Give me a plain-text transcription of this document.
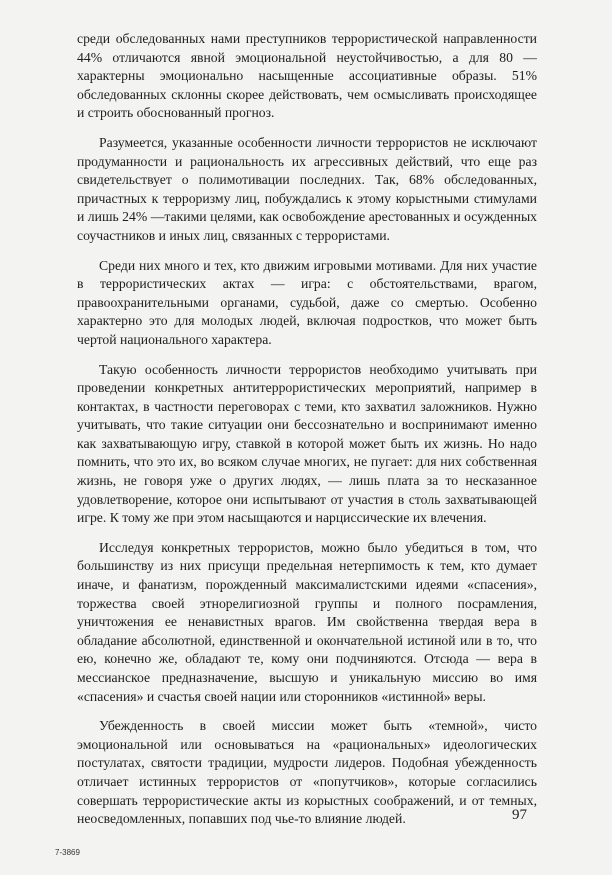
среди обследованных нами преступников террористической направленности 44% отличаются явной эмоциональной неустойчивостью, а для 80 — характерны эмоционально насыщенные ассоциативные образы. 51% обследованных склонны скорее действовать, чем осмысливать происходящее и строить обоснованный прогноз.

Разумеется, указанные особенности личности террористов не исключают продуманности и рациональность их агрессивных действий, что еще раз свидетельствует о полимотивации последних. Так, 68% обследованных, причастных к терроризму лиц, побуждались к этому корыстными стимулами и лишь 24% —такими целями, как освобождение арестованных и осужденных соучастников и иных лиц, связанных с террористами.

Среди них много и тех, кто движим игровыми мотивами. Для них участие в террористических актах — игра: с обстоятельствами, врагом, правоохранительными органами, судьбой, даже со смертью. Особенно характерно это для молодых людей, включая подростков, что может быть чертой национального характера.

Такую особенность личности террористов необходимо учитывать при проведении конкретных антитеррористических мероприятий, например в контактах, в частности переговорах с теми, кто захватил заложников. Нужно учитывать, что такие ситуации они бессознательно и воспринимают именно как захватывающую игру, ставкой в которой может быть их жизнь. Но надо помнить, что это их, во всяком случае многих, не пугает: для них собственная жизнь, не говоря уже о других людях, — лишь плата за то несказанное удовлетворение, которое они испытывают от участия в столь захватывающей игре. К тому же при этом насыщаются и нарциссические их влечения.

Исследуя конкретных террористов, можно было убедиться в том, что большинству из них присущи предельная нетерпимость к тем, кто думает иначе, и фанатизм, порожденный максималистскими идеями «спасения», торжества своей этнорелигиозной группы и полного посрамления, уничтожения ее ненавистных врагов. Им свойственна твердая вера в обладание абсолютной, единственной и окончательной истиной или в то, что ею, конечно же, обладают те, кому они подчиняются. Отсюда — вера в мессианское предназначение, высшую и уникальную миссию во имя «спасения» и счастья своей нации или сторонников «истинной» веры.

Убежденность в своей миссии может быть «темной», чисто эмоциональной или основываться на «рациональных» идеологических постулатах, святости традиции, мудрости лидеров. Подобная убежденность отличает истинных террористов от «попутчиков», которые согласились совершать террористические акты из корыстных соображений, и от темных, неосведомленных, попавших под чье-то влияние людей.	97
7-3869
